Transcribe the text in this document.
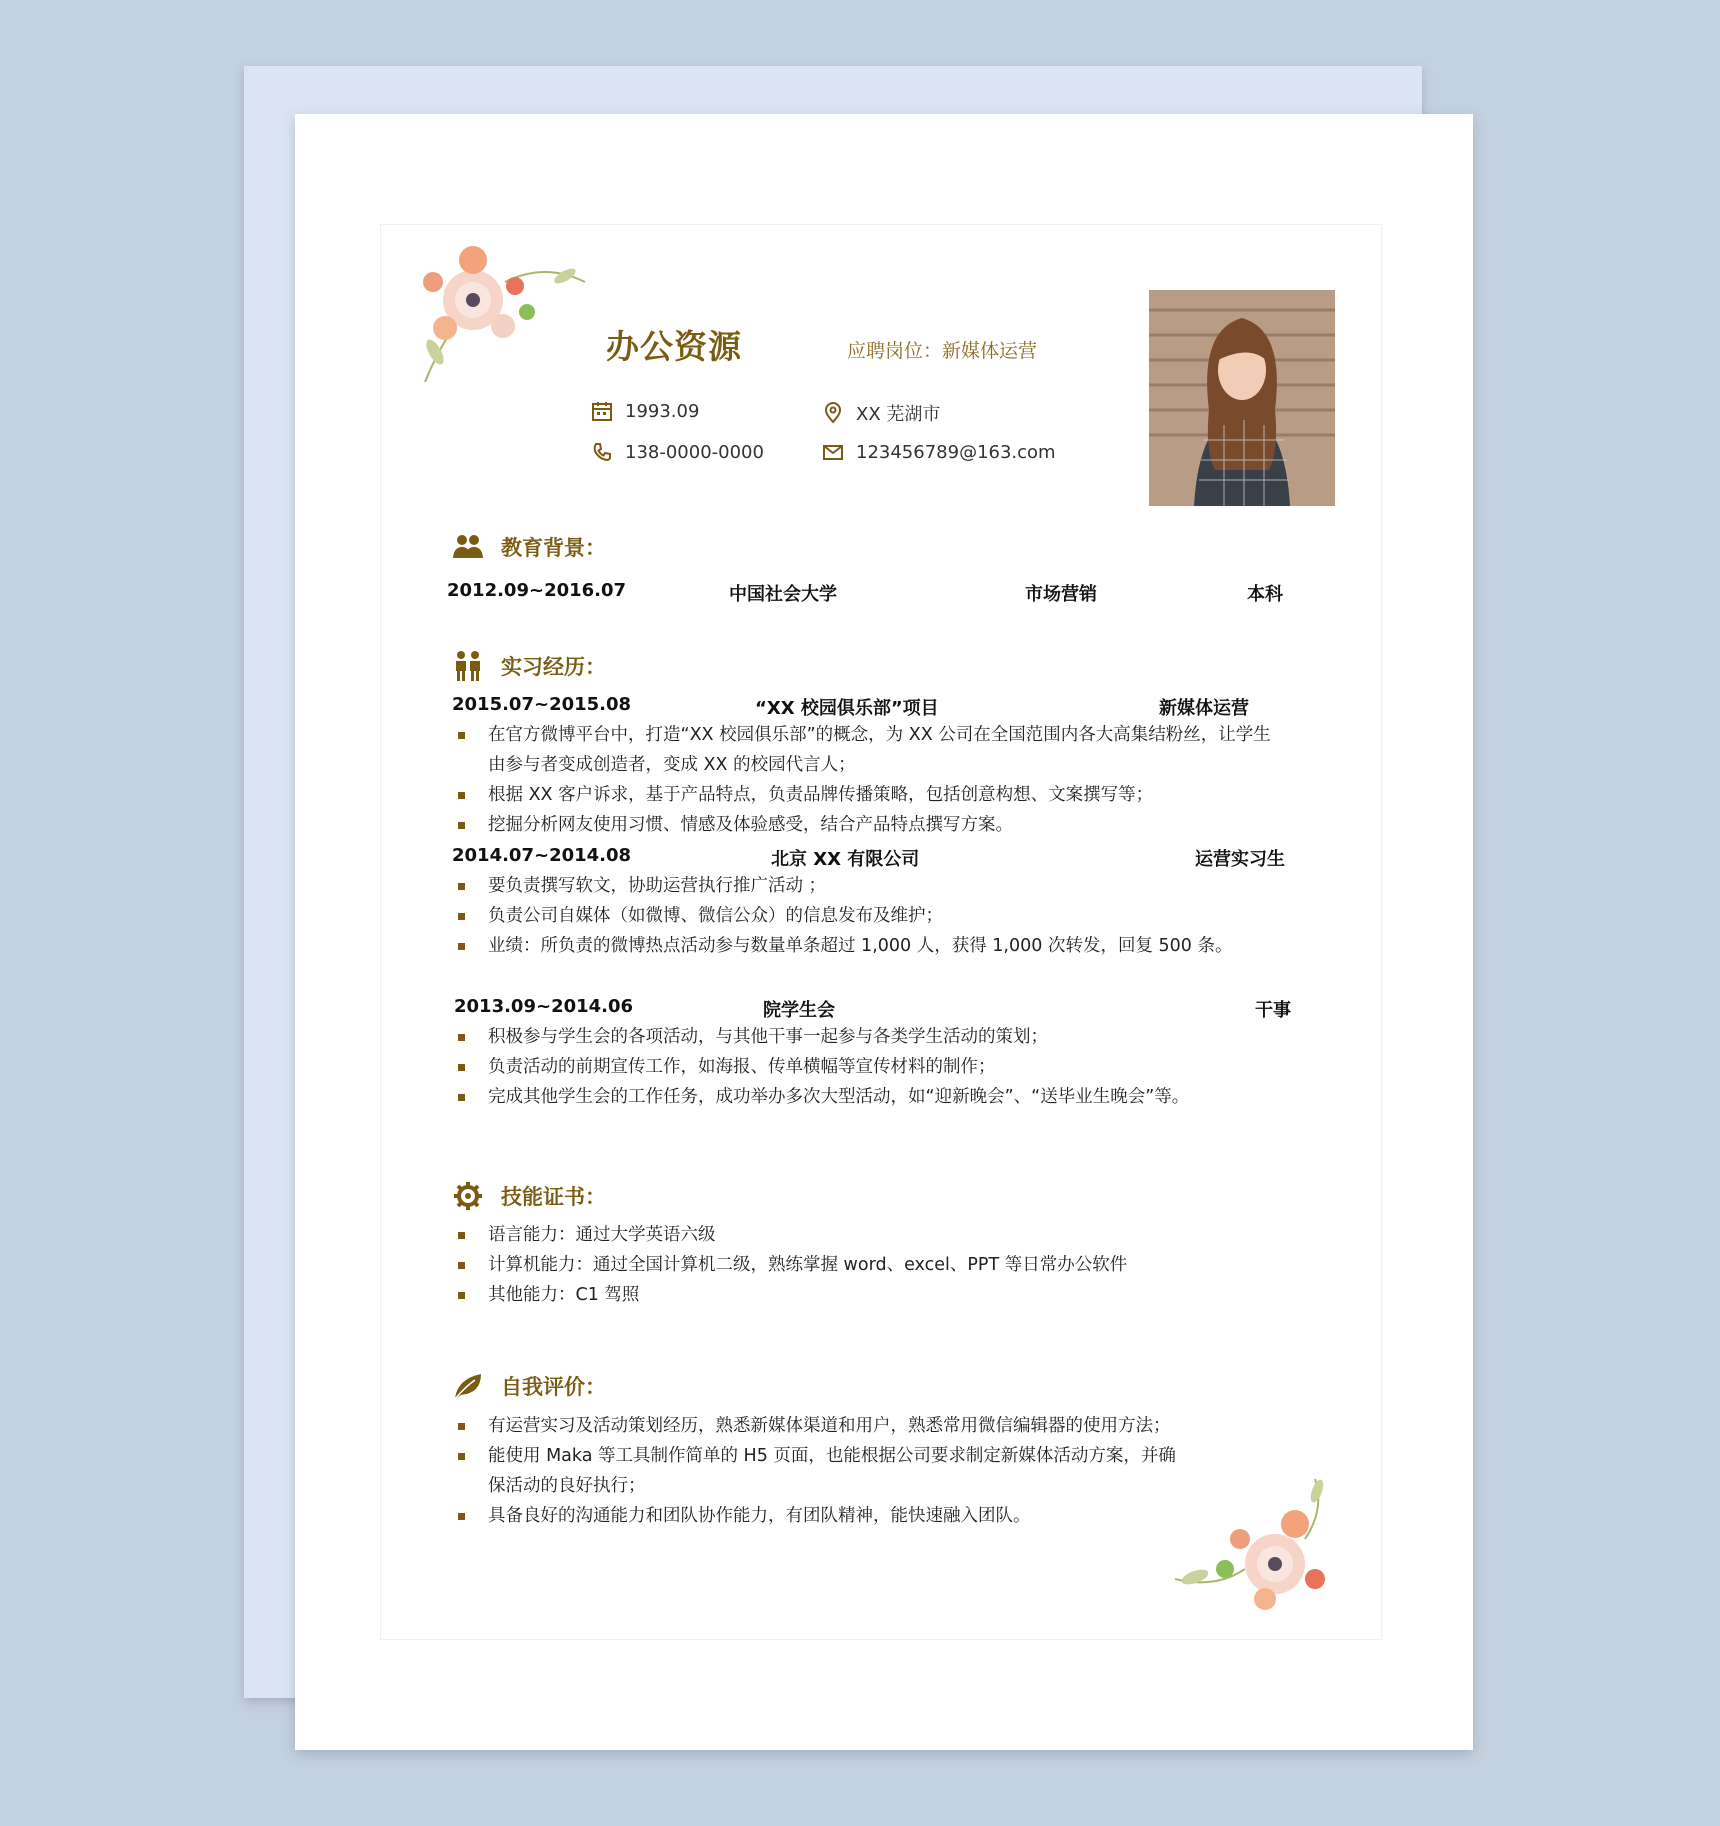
办公资源	应聘岗位：新媒体运营
1993.09	XX 芜湖市
138-0000-0000	123456789@163.com
教育背景：
2012.09~2016.07	中国社会大学	市场营销	本科
实习经历：
2015.07~2015.08	“XX 校园俱乐部”项目	新媒体运营
在官方微博平台中，打造“XX 校园俱乐部”的概念，为 XX 公司在全国范围内各大高集结粉丝，让学生
由参与者变成创造者，变成 XX 的校园代言人；
根据 XX 客户诉求，基于产品特点，负责品牌传播策略，包括创意构想、文案撰写等；
挖掘分析网友使用习惯、情感及体验感受，结合产品特点撰写方案。
2014.07~2014.08	北京 XX 有限公司	运营实习生
要负责撰写软文，协助运营执行推广活动 ；
负责公司自媒体（如微博、微信公众）的信息发布及维护；
业绩：所负责的微博热点活动参与数量单条超过 1,000 人，获得 1,000 次转发，回复 500 条。
2013.09~2014.06	院学生会	干事
积极参与学生会的各项活动，与其他干事一起参与各类学生活动的策划；
负责活动的前期宣传工作，如海报、传单横幅等宣传材料的制作；
完成其他学生会的工作任务，成功举办多次大型活动，如“迎新晚会”、“送毕业生晚会”等。
技能证书：
语言能力：通过大学英语六级
计算机能力：通过全国计算机二级，熟练掌握 word、excel、PPT 等日常办公软件
其他能力：C1 驾照
自我评价：
有运营实习及活动策划经历，熟悉新媒体渠道和用户，熟悉常用微信编辑器的使用方法；
能使用 Maka 等工具制作简单的 H5 页面，也能根据公司要求制定新媒体活动方案，并确
保活动的良好执行；
具备良好的沟通能力和团队协作能力，有团队精神，能快速融入团队。
